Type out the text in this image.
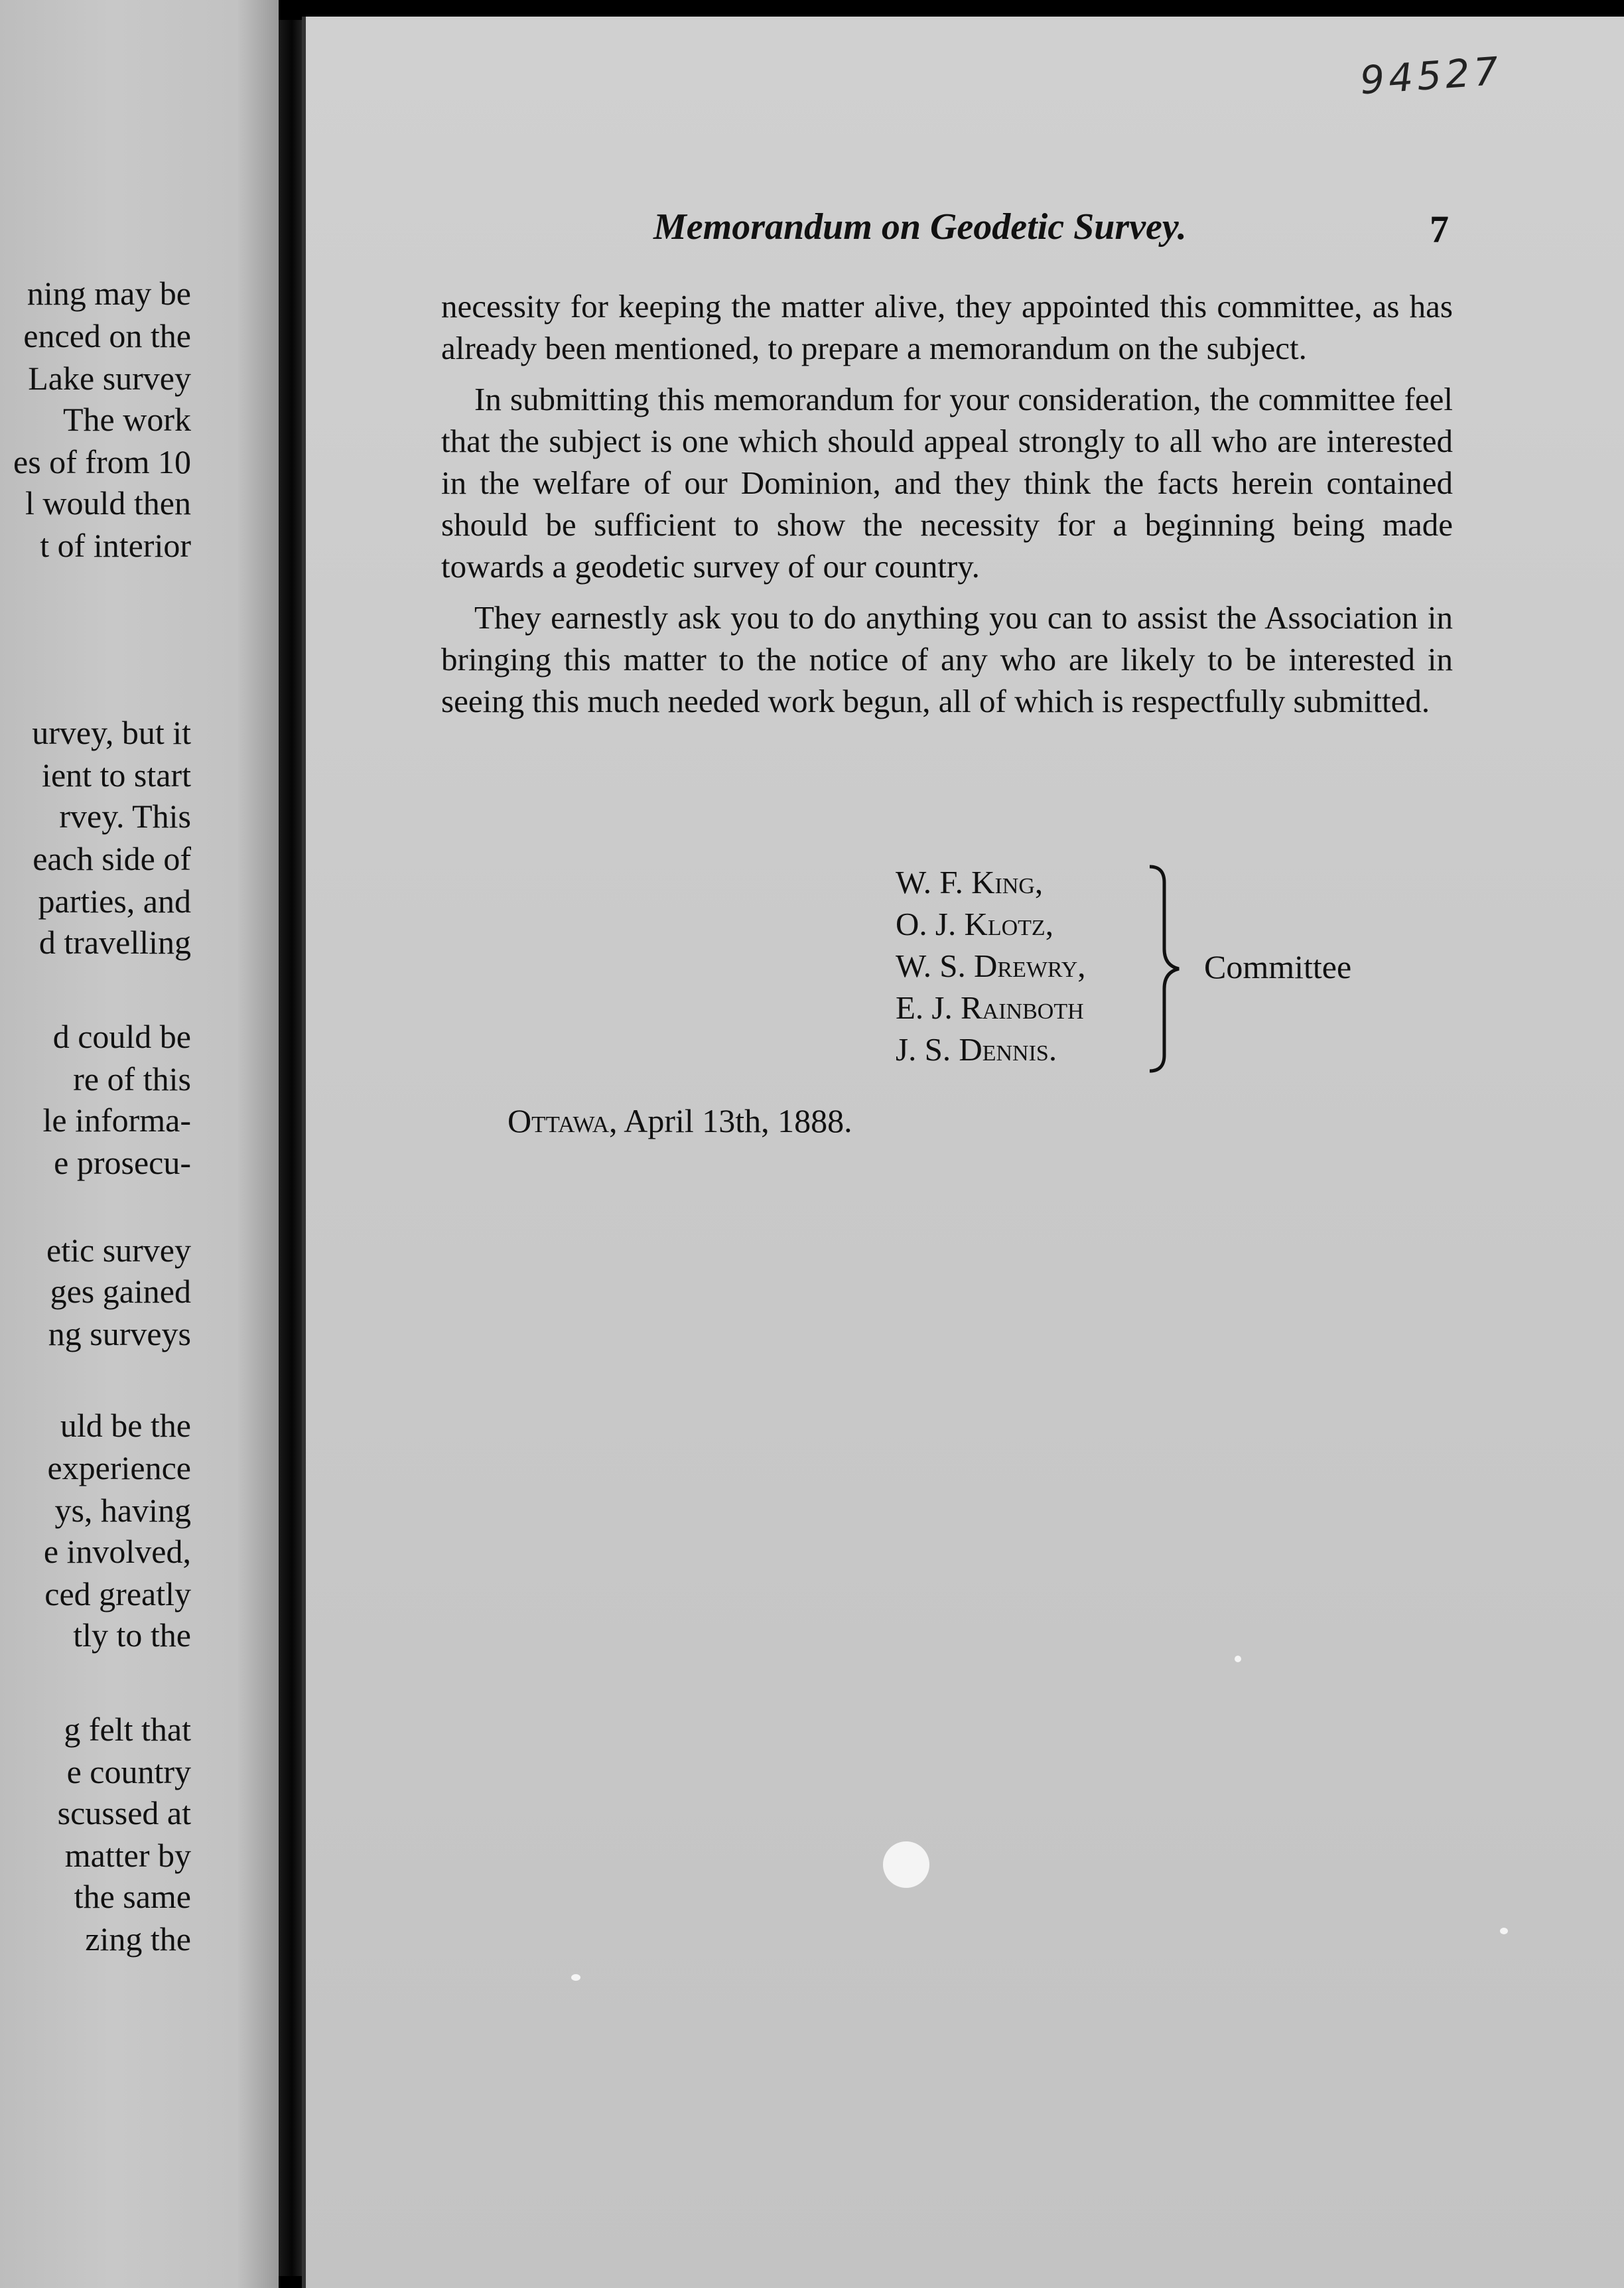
ning may be
enced on the
Lake survey
The work
es of from 10
l would then
t of interior
urvey, but it
ient to start
rvey. This
each side of
parties, and
d travelling
d could be
re of this
le informa-
e prosecu-
etic survey
ges gained
ng surveys
uld be the
experience
ys, having
e involved,
ced greatly
tly to the
g felt that
e country
scussed at
matter by
the same
zing the
94527
Memorandum on Geodetic Survey.	7

necessity for keeping the matter alive, they appointed this committee, as has already been mentioned, to prepare a memorandum on the subject.

In submitting this memorandum for your consideration, the committee feel that the subject is one which should appeal strongly to all who are interested in the welfare of our Dominion, and they think the facts herein contained should be sufficient to show the necessity for a beginning being made towards a geodetic survey of our country.

They earnestly ask you to do anything you can to assist the Association in bringing this matter to the notice of any who are likely to be interested in seeing this much needed work begun, all of which is respectfully submitted.

W. F. King,
O. J. Klotz,
W. S. Drewry,
E. J. Rainboth
J. S. Dennis.
Committee
Ottawa, April 13th, 1888.
